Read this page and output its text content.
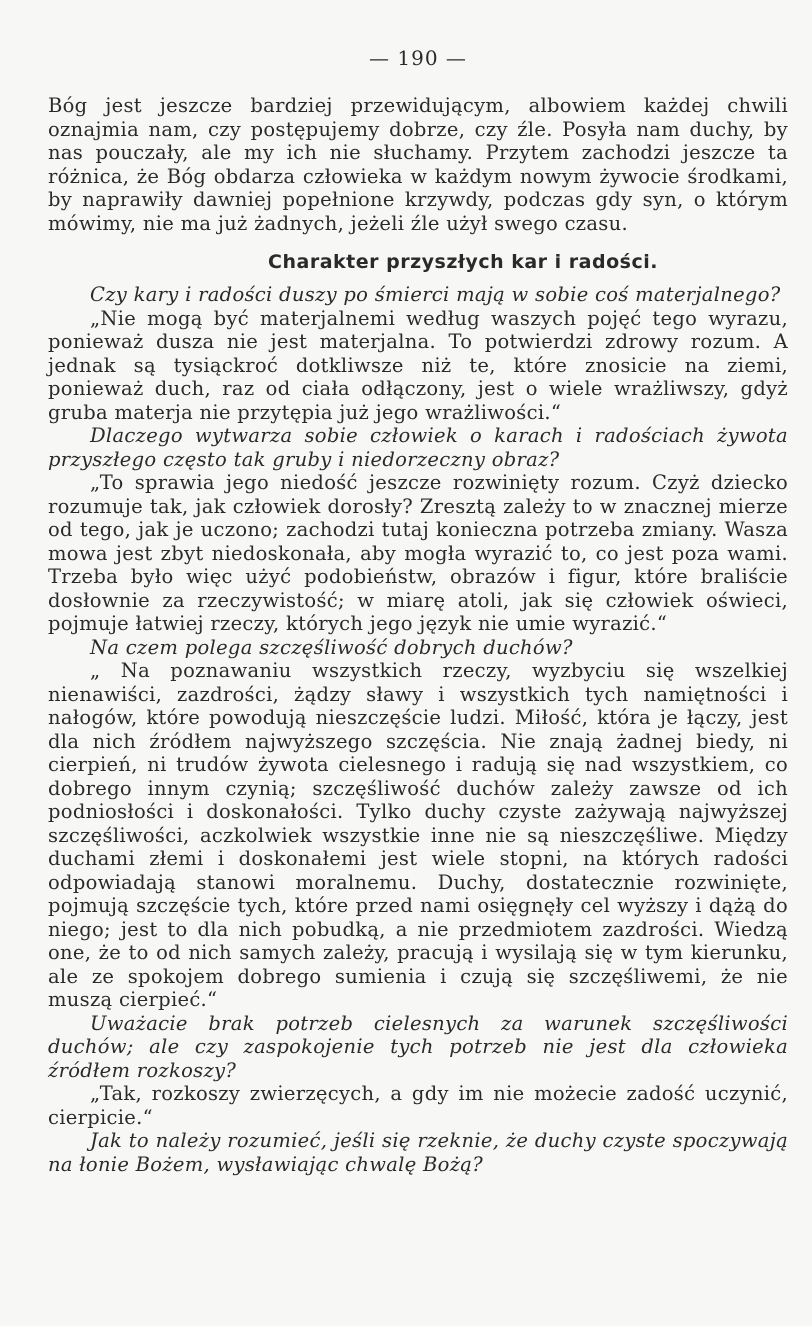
— 190 —

Bóg jest jeszcze bardziej przewidującym, albowiem każdej chwili oznajmia nam, czy postępujemy dobrze, czy źle. Posyła nam duchy, by nas pouczały, ale my ich nie słuchamy. Przytem zachodzi jeszcze ta różnica, że Bóg obdarza człowieka w każdym nowym żywocie środkami, by naprawiły dawniej popełnione krzywdy, podczas gdy syn, o którym mówimy, nie ma już żadnych, jeżeli źle użył swego czasu.

Charakter przyszłych kar i radości.

Czy kary i radości duszy po śmierci mają w sobie coś materjalnego?

„Nie mogą być materjalnemi według waszych pojęć tego wyrazu, ponieważ dusza nie jest materjalna. To potwierdzi zdrowy rozum. A jednak są tysiąckroć dotkliwsze niż te, które znosicie na ziemi, ponieważ duch, raz od ciała odłączony, jest o wiele wrażliwszy, gdyż gruba materja nie przytępia już jego wrażliwości.“

Dlaczego wytwarza sobie człowiek o karach i radościach żywota przyszłego często tak gruby i niedorzeczny obraz?

„To sprawia jego niedość jeszcze rozwinięty rozum. Czyż dziecko rozumuje tak, jak człowiek dorosły? Zresztą zależy to w znacznej mierze od tego, jak je uczono; zachodzi tutaj konieczna potrzeba zmiany. Wasza mowa jest zbyt niedoskonała, aby mogła wyrazić to, co jest poza wami. Trzeba było więc użyć podobieństw, obrazów i figur, które braliście dosłownie za rzeczywistość; w miarę atoli, jak się człowiek oświeci, pojmuje łatwiej rzeczy, których jego język nie umie wyrazić.“

Na czem polega szczęśliwość dobrych duchów?

„ Na poznawaniu wszystkich rzeczy, wyzbyciu się wszelkiej nienawiści, zazdrości, żądzy sławy i wszystkich tych namiętności i nałogów, które powodują nieszczęście ludzi. Miłość, która je łączy, jest dla nich źródłem najwyższego szczęścia. Nie znają żadnej biedy, ni cierpień, ni trudów żywota cielesnego i radują się nad wszystkiem, co dobrego innym czynią; szczęśliwość duchów zależy zawsze od ich podniosłości i doskonałości. Tylko duchy czyste zażywają najwyższej szczęśliwości, aczkolwiek wszystkie inne nie są nieszczęśliwe. Między duchami złemi i doskonałemi jest wiele stopni, na których radości odpowiadają stanowi moralnemu. Duchy, dostatecznie rozwinięte, pojmują szczęście tych, które przed nami osięgnęły cel wyższy i dążą do niego; jest to dla nich pobudką, a nie przedmiotem zazdrości. Wiedzą one, że to od nich samych zależy, pracują i wysilają się w tym kierunku, ale ze spokojem dobrego sumienia i czują się szczęśliwemi, że nie muszą cierpieć.“

Uważacie brak potrzeb cielesnych za warunek szczęśliwości duchów; ale czy zaspokojenie tych potrzeb nie jest dla człowieka źródłem rozkoszy?

„Tak, rozkoszy zwierzęcych, a gdy im nie możecie zadość uczynić, cierpicie.“

Jak to należy rozumieć, jeśli się rzeknie, że duchy czyste spoczywają na łonie Bożem, wysławiając chwalę Bożą?
